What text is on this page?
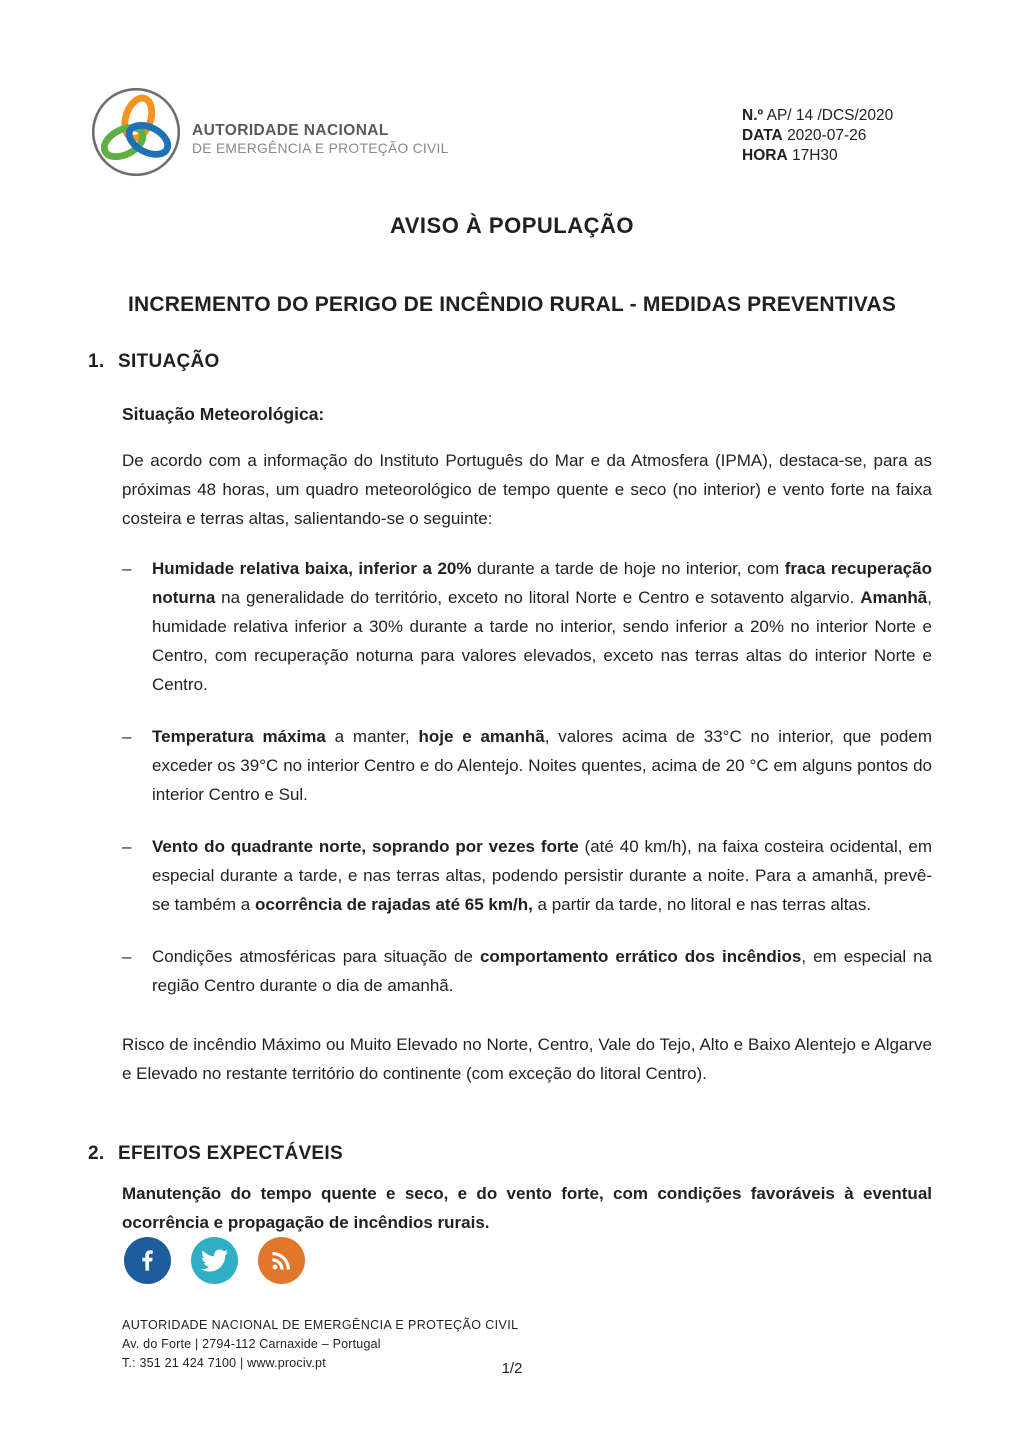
AUTORIDADE NACIONAL
DE EMERGÊNCIA E PROTEÇÃO CIVIL
N.º AP/ 14 /DCS/2020
DATA 2020-07-26
HORA 17H30
AVISO À POPULAÇÃO
INCREMENTO DO PERIGO DE INCÊNDIO RURAL - MEDIDAS PREVENTIVAS
1. SITUAÇÃO
Situação Meteorológica:

De acordo com a informação do Instituto Português do Mar e da Atmosfera (IPMA), destaca-se, para as próximas 48 horas, um quadro meteorológico de tempo quente e seco (no interior) e vento forte na faixa costeira e terras altas, salientando-se o seguinte:

–	Humidade relativa baixa, inferior a 20% durante a tarde de hoje no interior, com fraca recuperação noturna na generalidade do território, exceto no litoral Norte e Centro e sotavento algarvio. Amanhã, humidade relativa inferior a 30% durante a tarde no interior, sendo inferior a 20% no interior Norte e Centro, com recuperação noturna para valores elevados, exceto nas terras altas do interior Norte e Centro.
–	Temperatura máxima a manter, hoje e amanhã, valores acima de 33°C no interior, que podem exceder os 39°C no interior Centro e do Alentejo. Noites quentes, acima de 20 °C em alguns pontos do interior Centro e Sul.
–	Vento do quadrante norte, soprando por vezes forte (até 40 km/h), na faixa costeira ocidental, em especial durante a tarde, e nas terras altas, podendo persistir durante a noite. Para a amanhã, prevê-se também a ocorrência de rajadas até 65 km/h, a partir da tarde, no litoral e nas terras altas.
–	Condições atmosféricas para situação de comportamento errático dos incêndios, em especial na região Centro durante o dia de amanhã.

Risco de incêndio Máximo ou Muito Elevado no Norte, Centro, Vale do Tejo, Alto e Baixo Alentejo e Algarve e Elevado no restante território do continente (com exceção do litoral Centro).

2. EFEITOS EXPECTÁVEIS

Manutenção do tempo quente e seco, e do vento forte, com condições favoráveis à eventual ocorrência e propagação de incêndios rurais.

AUTORIDADE NACIONAL DE EMERGÊNCIA E PROTEÇÃO CIVIL
Av. do Forte | 2794-112 Carnaxide – Portugal
T.: 351 21 424 7100 | www.prociv.pt	1/2
